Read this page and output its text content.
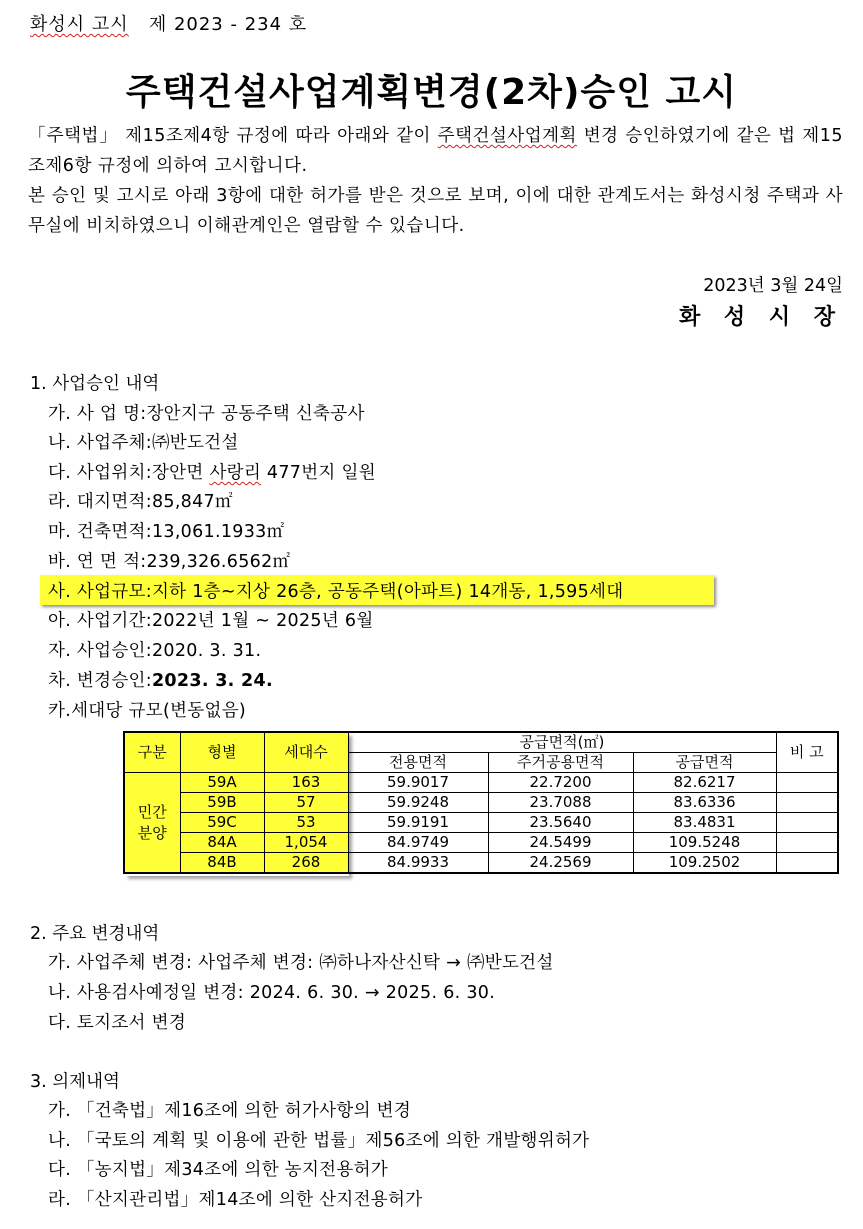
화성시 고시 제 2023 - 234 호
주택건설사업계획변경(2차)승인 고시
「주택법」 제15조제4항 규정에 따라 아래와 같이 주택건설사업계획 변경 승인하였기에 같은 법 제15조제6항 규정에 의하여 고시합니다.
본 승인 및 고시로 아래 3항에 대한 허가를 받은 것으로 보며, 이에 대한 관계도서는 화성시청 주택과 사무실에 비치하였으니 이해관계인은 열람할 수 있습니다.
2023년 3월 24일
화 성 시 장
1. 사업승인 내역
가. 사 업 명:장안지구 공동주택 신축공사
나. 사업주체:㈜반도건설
다. 사업위치:장안면 사랑리 477번지 일원
라. 대지면적:85,847㎡
마. 건축면적:13,061.1933㎡
바. 연 면 적:239,326.6562㎡
사. 사업규모:지하 1층~지상 26층, 공동주택(아파트) 14개동, 1,595세대
아. 사업기간:2022년 1월 ~ 2025년 6월
자. 사업승인:2020. 3. 31.
차. 변경승인:2023. 3. 24.
카.세대당 규모(변동없음)
구분	형별	세대수	공급면적(㎡)			비 고
			전용면적	주거공용면적	공급면적	
민간
분양	59A	163	59.9017	22.7200	82.6217	
	59B	57	59.9248	23.7088	83.6336	
	59C	53	59.9191	23.5640	83.4831	
	84A	1,054	84.9749	24.5499	109.5248	
	84B	268	84.9933	24.2569	109.2502	
2. 주요 변경내역
가. 사업주체 변경: 사업주체 변경: ㈜하나자산신탁 → ㈜반도건설
나. 사용검사예정일 변경: 2024. 6. 30. → 2025. 6. 30.
다. 토지조서 변경
3. 의제내역
가. 「건축법」제16조에 의한 허가사항의 변경
나. 「국토의 계획 및 이용에 관한 법률」제56조에 의한 개발행위허가
다. 「농지법」제34조에 의한 농지전용허가
라. 「산지관리법」제14조에 의한 산지전용허가
